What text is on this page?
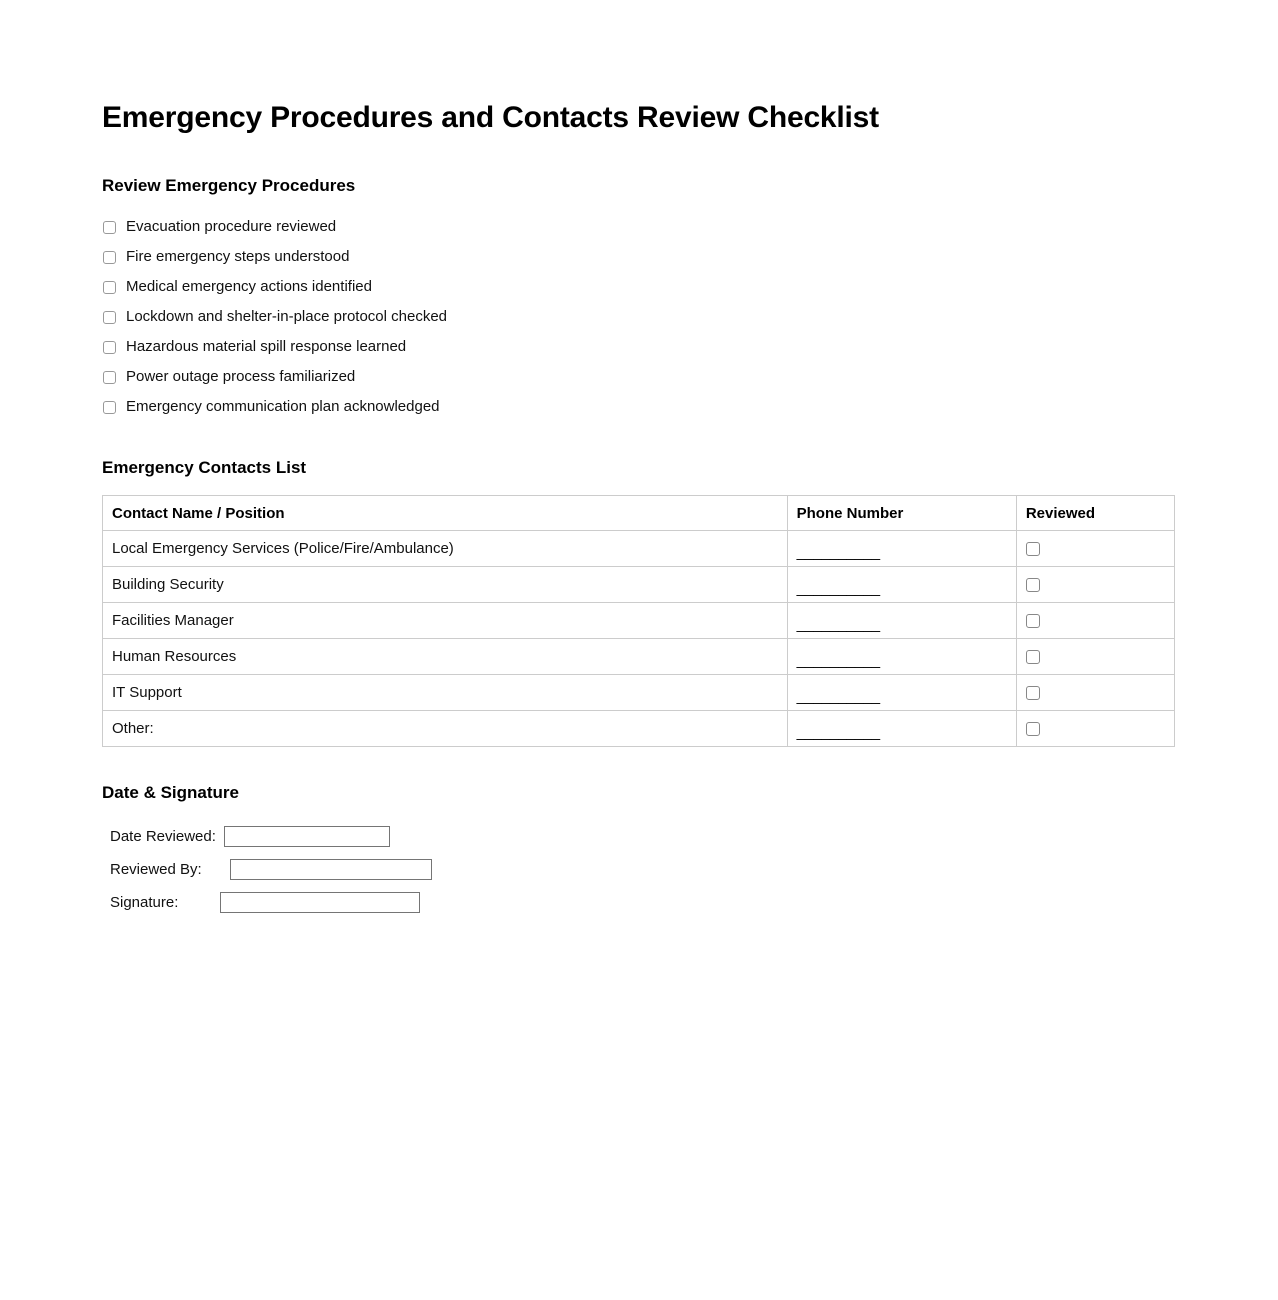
Emergency Procedures and Contacts Review Checklist
Review Emergency Procedures
Evacuation procedure reviewed
Fire emergency steps understood
Medical emergency actions identified
Lockdown and shelter-in-place protocol checked
Hazardous material spill response learned
Power outage process familiarized
Emergency communication plan acknowledged
Emergency Contacts List
Contact Name / Position	Phone Number	Reviewed
Local Emergency Services (Police/Fire/Ambulance)	__________	
Building Security	__________	
Facilities Manager	__________	
Human Resources	__________	
IT Support	__________	
Other:	__________	
Date & Signature
Date Reviewed:
Reviewed By:
Signature:
